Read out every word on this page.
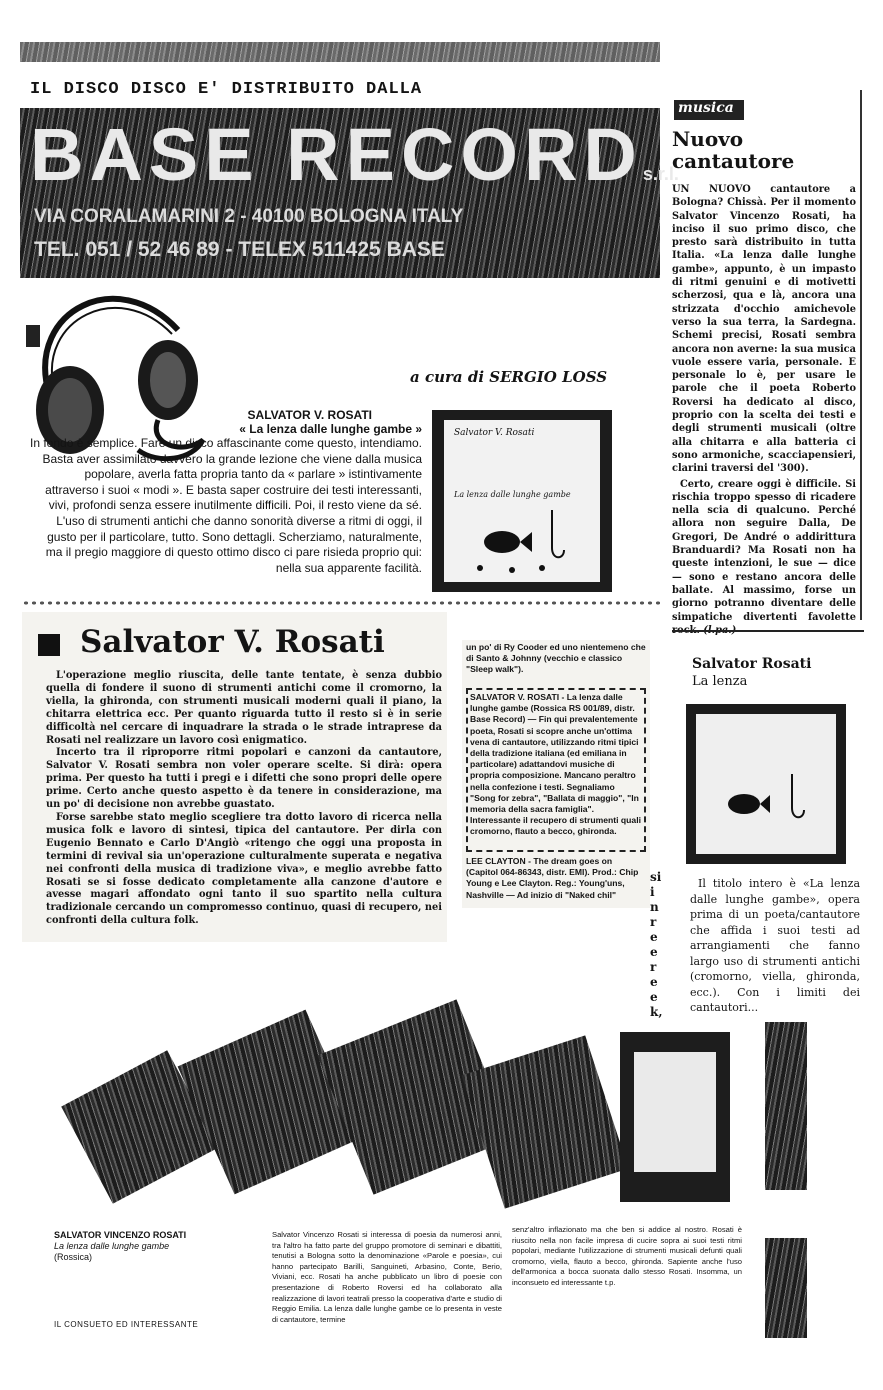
IL DISCO DISCO E' DISTRIBUITO DALLA
BASE RECORDs.r.l.
VIA CORALAMARINI 2 - 40100 BOLOGNA ITALY
TEL. 051 / 52 46 89 - TELEX 511425 BASE
a cura di SERGIO LOSS
SALVATOR V. ROSATI
« La lenza dalle lunghe gambe »
In fondo è semplice. Fare un disco affascinante come questo, intendiamo. Basta aver assimilato davvero la grande lezione che viene dalla musica popolare, averla fatta propria tanto da « parlare » istintivamente attraverso i suoi « modi ». E basta saper costruire dei testi interessanti, vivi, profondi senza essere inutilmente difficili. Poi, il resto viene da sé. L'uso di strumenti antichi che danno sonorità diverse a ritmi di oggi, il gusto per il particolare, tutto. Sono dettagli. Scherziamo, naturalmente, ma il pregio maggiore di questo ottimo disco ci pare risieda proprio qui: nella sua apparente facilità.
Salvator V. Rosati
La lenza dalle lunghe gambe
musica
Nuovo
cantautore

UN NUOVO cantautore a Bologna? Chissà. Per il momento Salvator Vincenzo Rosati, ha inciso il suo primo disco, che presto sarà distribuito in tutta Italia. «La lenza dalle lunghe gambe», appunto, è un impasto di ritmi genuini e di motivetti scherzosi, qua e là, ancora una strizzata d'occhio amichevole verso la sua terra, la Sardegna. Schemi precisi, Rosati sembra ancora non averne: la sua musica vuole essere varia, personale. E personale lo è, per usare le parole che il poeta Roberto Roversi ha dedicato al disco, proprio con la scelta dei testi e degli strumenti musicali (oltre alla chitarra e alla batteria ci sono armoniche, scacciapensieri, clarini traversi del '300).

Certo, creare oggi è difficile. Si rischia troppo spesso di ricadere nella scia di qualcuno. Perché allora non seguire Dalla, De Gregori, De André o addirittura Branduardi? Ma Rosati non ha queste intenzioni, le sue — dice — sono e restano ancora delle ballate. Al massimo, forse un giorno potranno diventare delle simpatiche divertenti favolette rock. (l.pa.)

Salvator V. Rosati

L'operazione meglio riuscita, delle tante tentate, è senza dubbio quella di fondere il suono di strumenti antichi come il cromorno, la viella, la ghironda, con strumenti musicali moderni quali il piano, la chitarra elettrica ecc. Per quanto riguarda tutto il resto si è in serie difficoltà nel cercare di inquadrare la strada o le strade intraprese da Rosati nel realizzare un lavoro così enigmatico.

Incerto tra il riproporre ritmi popolari e canzoni da cantautore, Salvator V. Rosati sembra non voler operare scelte. Si dirà: opera prima. Per questo ha tutti i pregi e i difetti che sono propri delle opere prime. Certo anche questo aspetto è da tenere in considerazione, ma un po' di decisione non avrebbe guastato.

Forse sarebbe stato meglio scegliere tra dotto lavoro di ricerca nella musica folk e lavoro di sintesi, tipica del cantautore. Per dirla con Eugenio Bennato e Carlo D'Angiò «ritengo che oggi una proposta in termini di revival sia un'operazione culturalmente superata e negativa nei confronti della musica di tradizione viva», e meglio avrebbe fatto Rosati se si fosse dedicato completamente alla canzone d'autore e avesse magari affondato ogni tanto il suo spartito nella cultura tradizionale cercando un compromesso continuo, quasi di recupero, nei confronti della cultura folk.

un po' di Ry Cooder ed uno nientemeno che di Santo & Johnny (vecchio e classico "Sleep walk").
SALVATOR V. ROSATI - La lenza dalle lunghe gambe (Rossica RS 001/89, distr. Base Record) — Fin qui prevalentemente poeta, Rosati si scopre anche un'ottima vena di cantautore, utilizzando ritmi tipici della tradizione italiana (ed emiliana in particolare) adattandovi musiche di propria composizione. Mancano peraltro nella confezione i testi. Segnaliamo "Song for zebra", "Ballata di maggio", "In memoria della sacra famiglia". Interessante il recupero di strumenti quali cromorno, flauto a becco, ghironda.
LEE CLAYTON - The dream goes on (Capitol 064-86343, distr. EMI). Prod.: Chip Young e Lee Clayton. Reg.: Young'uns, Nashville — Ad inizio di "Naked chil"
si in re e re ek,
Salvator Rosati
La lenza
Il titolo intero è «La lenza dalle lunghe gambe», opera prima di un poeta/cantautore che affida i suoi testi ad arrangiamenti che fanno largo uso di strumenti antichi (cromorno, viella, ghironda, ecc.). Con i limiti dei cantautori...
SALVATOR VINCENZO ROSATI
La lenza dalle lunghe gambe
(Rossica)
Salvator Vincenzo Rosati si interessa di poesia da numerosi anni, tra l'altro ha fatto parte del gruppo promotore di seminari e dibattiti, tenutisi a Bologna sotto la denominazione «Parole e poesia», cui hanno partecipato Barilli, Sanguineti, Arbasino, Conte, Berio, Viviani, ecc. Rosati ha anche pubblicato un libro di poesie con presentazione di Roberto Roversi ed ha collaborato alla realizzazione di lavori teatrali presso la cooperativa d'arte e studio di Reggio Emilia. La lenza dalle lunghe gambe ce lo presenta in veste di cantautore, termine
senz'altro inflazionato ma che ben si addice al nostro. Rosati è riuscito nella non facile impresa di cucire sopra ai suoi testi ritmi popolari, mediante l'utilizzazione di strumenti musicali defunti quali cromorno, viella, flauto a becco, ghironda. Sapiente anche l'uso dell'armonica a bocca suonata dallo stesso Rosati. Insomma, un inconsueto ed interessante t.p.
IL CONSUETO ED INTERESSANTE
